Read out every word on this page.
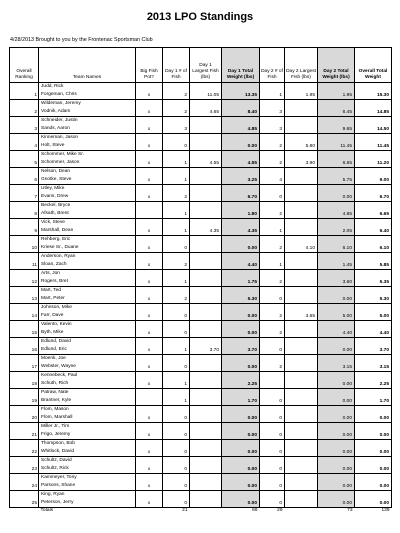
2013 LPO Standings
4/28/2013 Brought to you by the Frontenac Sportsman Club
Overall Ranking	Team Names	Big Fish Pot?	Day 1 # of Fish	Day 1 Largest Fish (lbs)	Day 1 Total Weight (lbs)	Day 2 # of Fish	Day 2 Largest Fish (lbs)	Day 2 Total Weight (lbs)	Overall Total Weight
1	Judd, Rick
Forgeman, Chris	x	2	11.05	13.35	1	1.95	1.95	15.30
2	Wildeman, Jeremy
Vodnik, Adam	x	2	4.65	8.40	3		6.45	14.85
3	Schneider, Justin
Sands, Aaron	x	3		4.85	3		9.65	14.50
4	Kinneman, Jason
Holt, Steve	x	0		0.00	2	5.80	11.45	11.45
5	Schommer, Mike Sr.
Schommer, Jason	x	1	4.55	4.55	2	3.90	6.65	11.20
6	Nelson, Dean
Gnotke, Steve	x	1		3.25	4		5.75	9.00
7	Utley, Mike
Evans, Drew	x	2		6.70	0		0.00	6.70
8	Beckel, Bryce
Afsath, Brent		1		1.80	2		4.85	6.65
9	Vick, Steve
Marshall, Dean	x	1	4.35	4.35	1		2.05	6.40
10	Rehberg, Eric
Kriese Sr., Duane	x	0		0.00	2	4.10	6.10	6.10
11	Anderson, Ryan
Sloan, Zach	x	2		4.40	1		1.45	5.85
12	Arts, Jon
Rogers, Bret	x	1		1.75	2		3.60	5.35
13	Mart, Ted
Mart, Peter	x	2		5.30	0		0.00	5.30
14	Johnson, Mike
Farr, Dave	x	0		0.00	2	3.65	5.00	5.00
15	Valento, Kevin
Byth, Mike	x	0		0.00	2		4.40	4.40
16	Edlund, David
Edlund, Eric	x	1	3.70	3.70	0		0.00	3.70
17	Moenk, Joe
Webster, Wayne	x	0		0.00	2		3.15	3.15
18	Kennebeck, Paul
Schuth, Rich	x	1		2.25			0.00	2.25
19	Patraw, Nate
Brantner, Kyle		1		1.70	0		0.00	1.70
20	Flom, Mason
Flom, Marshall	x	0		0.00	0		0.00	0.00
21	Miller Jr., Tim
Frigo, Jeremy	x	0		0.00	0		0.00	0.00
22	Thompson, Bob
Whitlock, David	x	0		0.00	0		0.00	0.00
23	Schultz, David
Schultz, Rick	x	0		0.00	0		0.00	0.00
24	Kammeyer, Tony
Parsons, Shane	x	0		0.00	0		0.00	0.00
25	King, Ryan
Peterson, Jerry	x	0		0.00	0		0.00	0.00
	Totals		21		66	29		73	139
